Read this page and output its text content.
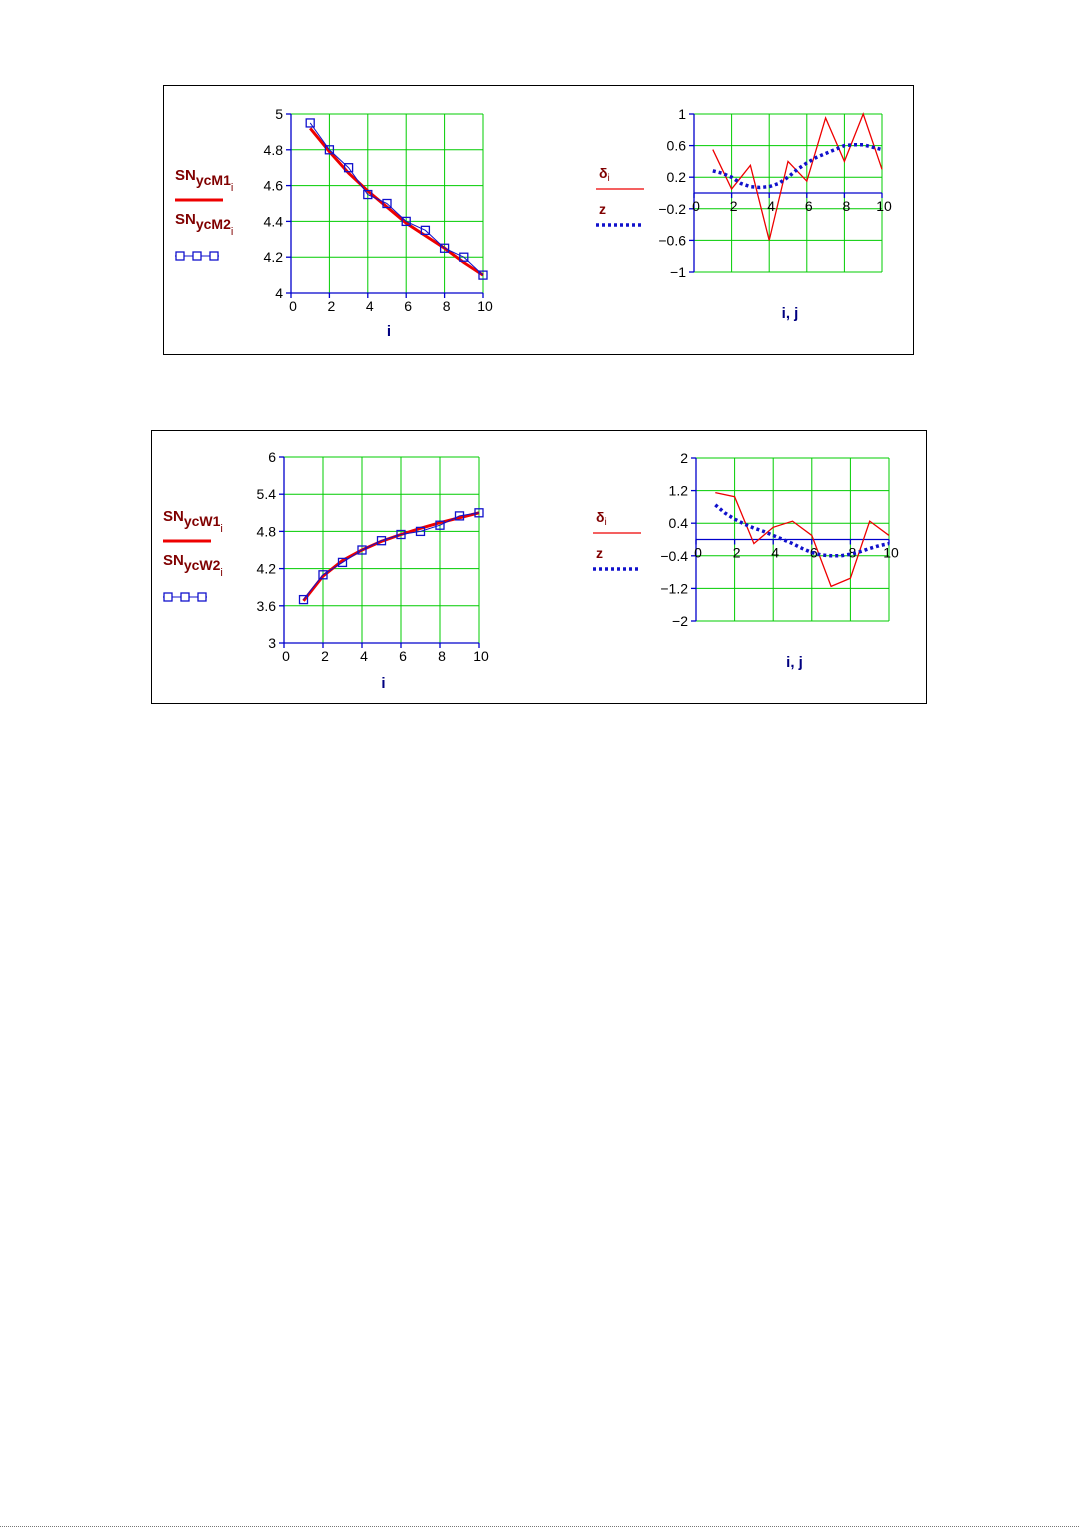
4
4.2
4.4
4.6
4.8
5
0 2 4 6 8 10
i
$SNycM1_i$
$SNycM2_i$
−1
−0.6
−0.2
0.2
0.6
1
0 2 4 6 8 10
i, j
$\delta_i$
z
3
3.6
4.2
4.8
5.4
6
0 2 4 6 8 10
i
$SNycW1_i$
$SNycW2_i$
−2
−1.2
−0.4
0.4
1.2
2
0 2 4 6 8 10
i, j
$\delta_i$
z
